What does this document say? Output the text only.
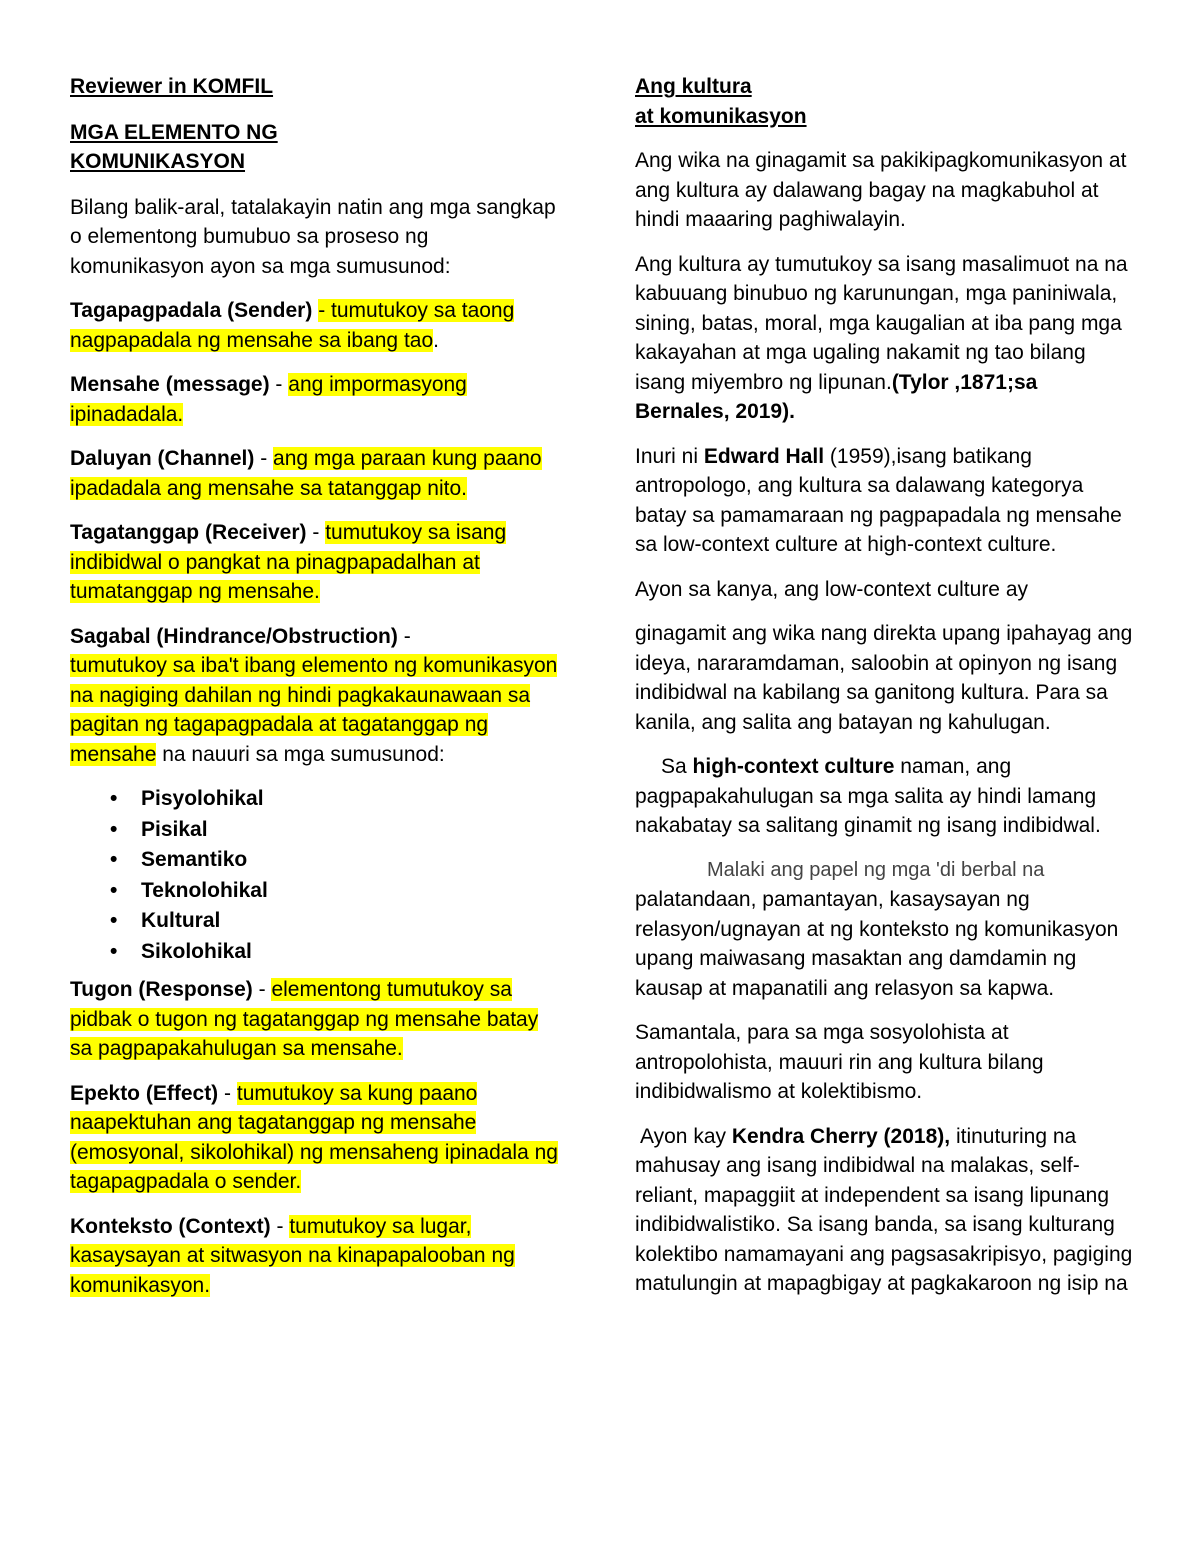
Reviewer in KOMFIL

MGA ELEMENTO NG
KOMUNIKASYON

Bilang balik-aral, tatalakayin natin ang mga sangkap o elementong bumubuo sa proseso ng komunikasyon ayon sa mga sumusunod:

Tagapagpadala (Sender) - tumutukoy sa taong nagpapadala ng mensahe sa ibang tao.

Mensahe (message) - ang impormasyong ipinadadala.

Daluyan (Channel) - ang mga paraan kung paano ipadadala ang mensahe sa tatanggap nito.

Tagatanggap (Receiver) - tumutukoy sa isang indibidwal o pangkat na pinagpapadalhan at tumatanggap ng mensahe.

Sagabal (Hindrance/Obstruction) -
tumutukoy sa iba't ibang elemento ng komunikasyon na nagiging dahilan ng hindi pagkakaunawaan sa pagitan ng tagapagpadala at tagatanggap ng mensahe na nauuri sa mga sumusunod:

• Pisyolohikal
• Pisikal
• Semantiko
• Teknolohikal
• Kultural
• Sikolohikal

Tugon (Response) - elementong tumutukoy sa pidbak o tugon ng tagatanggap ng mensahe batay sa pagpapakahulugan sa mensahe.

Epekto (Effect) - tumutukoy sa kung paano naapektuhan ang tagatanggap ng mensahe (emosyonal, sikolohikal) ng mensaheng ipinadala ng tagapagpadala o sender.

Konteksto (Context) - tumutukoy sa lugar, kasaysayan at sitwasyon na kinapapalooban ng komunikasyon.

Ang kultura
at komunikasyon

Ang wika na ginagamit sa pakikipagkomunikasyon at ang kultura ay dalawang bagay na magkabuhol at hindi maaaring paghiwalayin.

Ang kultura ay tumutukoy sa isang masalimuot na na kabuuang binubuo ng karunungan, mga paniniwala, sining, batas, moral, mga kaugalian at iba pang mga kakayahan at mga ugaling nakamit ng tao bilang isang miyembro ng lipunan.(Tylor ,1871;sa Bernales, 2019).

Inuri ni Edward Hall (1959),isang batikang antropologo, ang kultura sa dalawang kategorya batay sa pamamaraan ng pagpapadala ng mensahe sa low-context culture at high-context culture.

Ayon sa kanya, ang low-context culture ay

ginagamit ang wika nang direkta upang ipahayag ang ideya, nararamdaman, saloobin at opinyon ng isang indibidwal na kabilang sa ganitong kultura. Para sa kanila, ang salita ang batayan ng kahulugan.

Sa high-context culture naman, ang pagpapakahulugan sa mga salita ay hindi lamang nakabatay sa salitang ginamit ng isang indibidwal.

Malaki ang papel ng mga 'di berbal na
palatandaan, pamantayan, kasaysayan ng relasyon/ugnayan at ng konteksto ng komunikasyon upang maiwasang masaktan ang damdamin ng kausap at mapanatili ang relasyon sa kapwa.

Samantala, para sa mga sosyolohista at antropolohista, mauuri rin ang kultura bilang indibidwalismo at kolektibismo.

Ayon kay Kendra Cherry (2018), itinuturing na mahusay ang isang indibidwal na malakas, self-reliant, mapaggiit at independent sa isang lipunang indibidwalistiko. Sa isang banda, sa isang kulturang kolektibo namamayani ang pagsasakripisyo, pagiging matulungin at mapagbigay at pagkakaroon ng isip na
